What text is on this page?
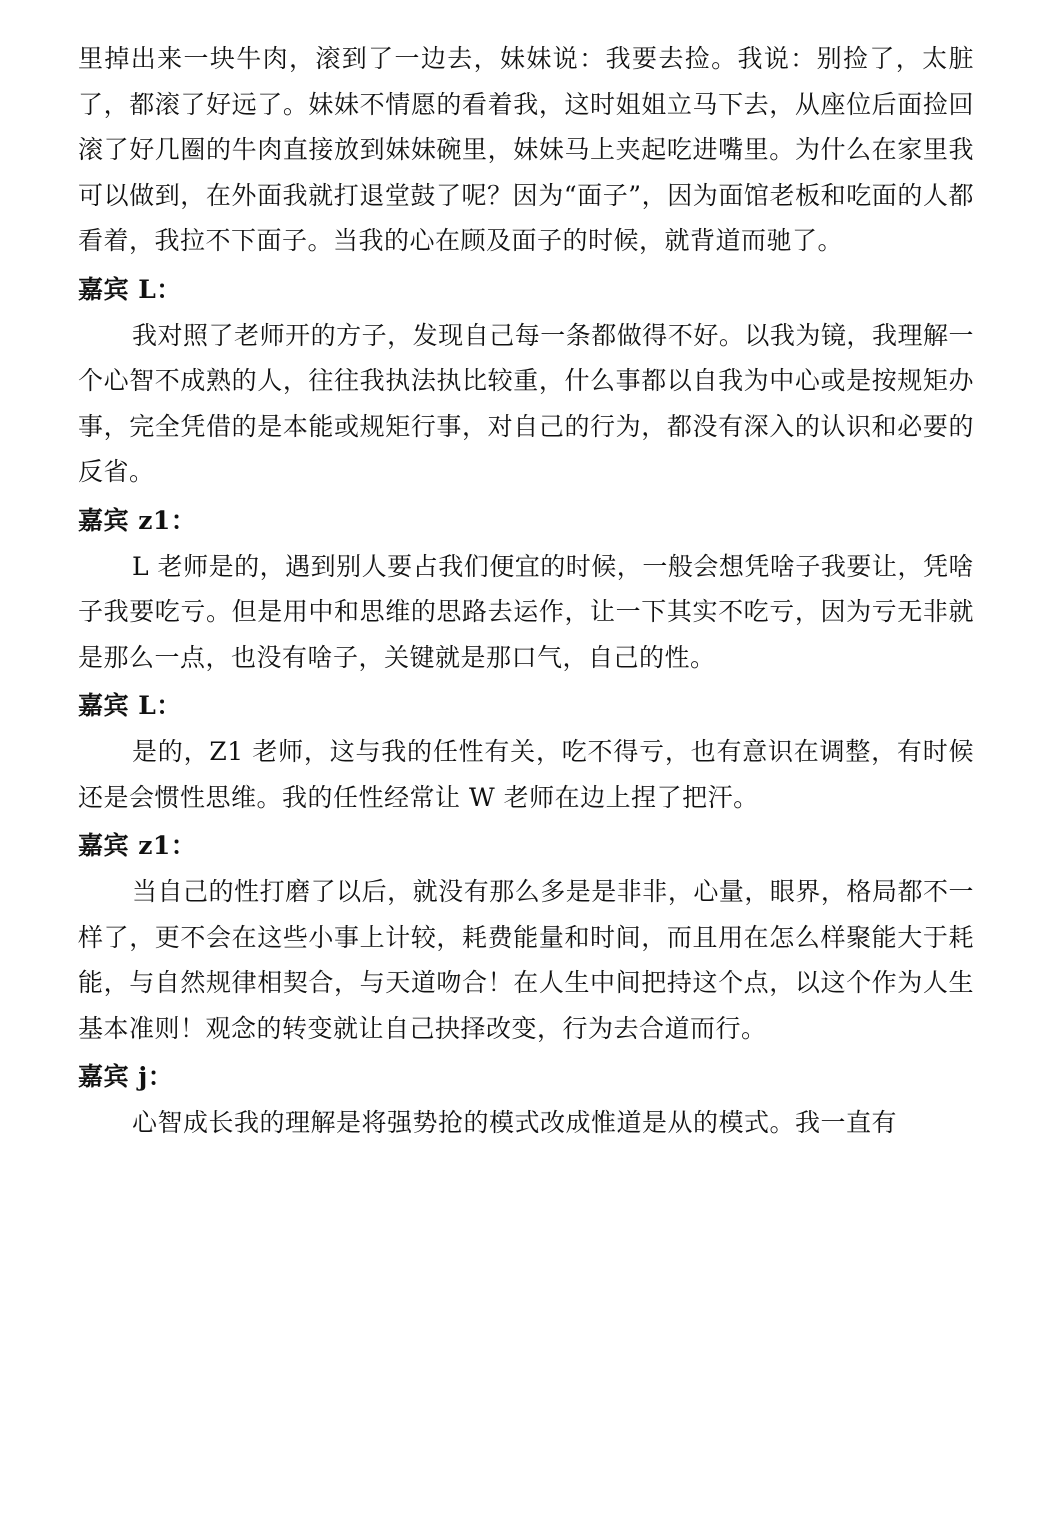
里掉出来一块牛肉，滚到了一边去，妹妹说：我要去捡。我说：别捡了，太脏了，都滚了好远了。妹妹不情愿的看着我，这时姐姐立马下去，从座位后面捡回滚了好几圈的牛肉直接放到妹妹碗里，妹妹马上夹起吃进嘴里。为什么在家里我可以做到，在外面我就打退堂鼓了呢？因为“面子”，因为面馆老板和吃面的人都看着，我拉不下面子。当我的心在顾及面子的时候，就背道而驰了。

嘉宾 L：

我对照了老师开的方子，发现自己每一条都做得不好。以我为镜，我理解一个心智不成熟的人，往往我执法执比较重，什么事都以自我为中心或是按规矩办事，完全凭借的是本能或规矩行事，对自己的行为，都没有深入的认识和必要的反省。

嘉宾 z1：

L 老师是的，遇到别人要占我们便宜的时候，一般会想凭啥子我要让，凭啥子我要吃亏。但是用中和思维的思路去运作，让一下其实不吃亏，因为亏无非就是那么一点，也没有啥子，关键就是那口气，自己的性。

嘉宾 L：

是的，Z1 老师，这与我的任性有关，吃不得亏，也有意识在调整，有时候还是会惯性思维。我的任性经常让 W 老师在边上捏了把汗。

嘉宾 z1：

当自己的性打磨了以后，就没有那么多是是非非，心量，眼界，格局都不一样了，更不会在这些小事上计较，耗费能量和时间，而且用在怎么样聚能大于耗能，与自然规律相契合，与天道吻合！在人生中间把持这个点，以这个作为人生基本准则！观念的转变就让自己抉择改变，行为去合道而行。

嘉宾 j：

心智成长我的理解是将强势抢的模式改成惟道是从的模式。我一直有
